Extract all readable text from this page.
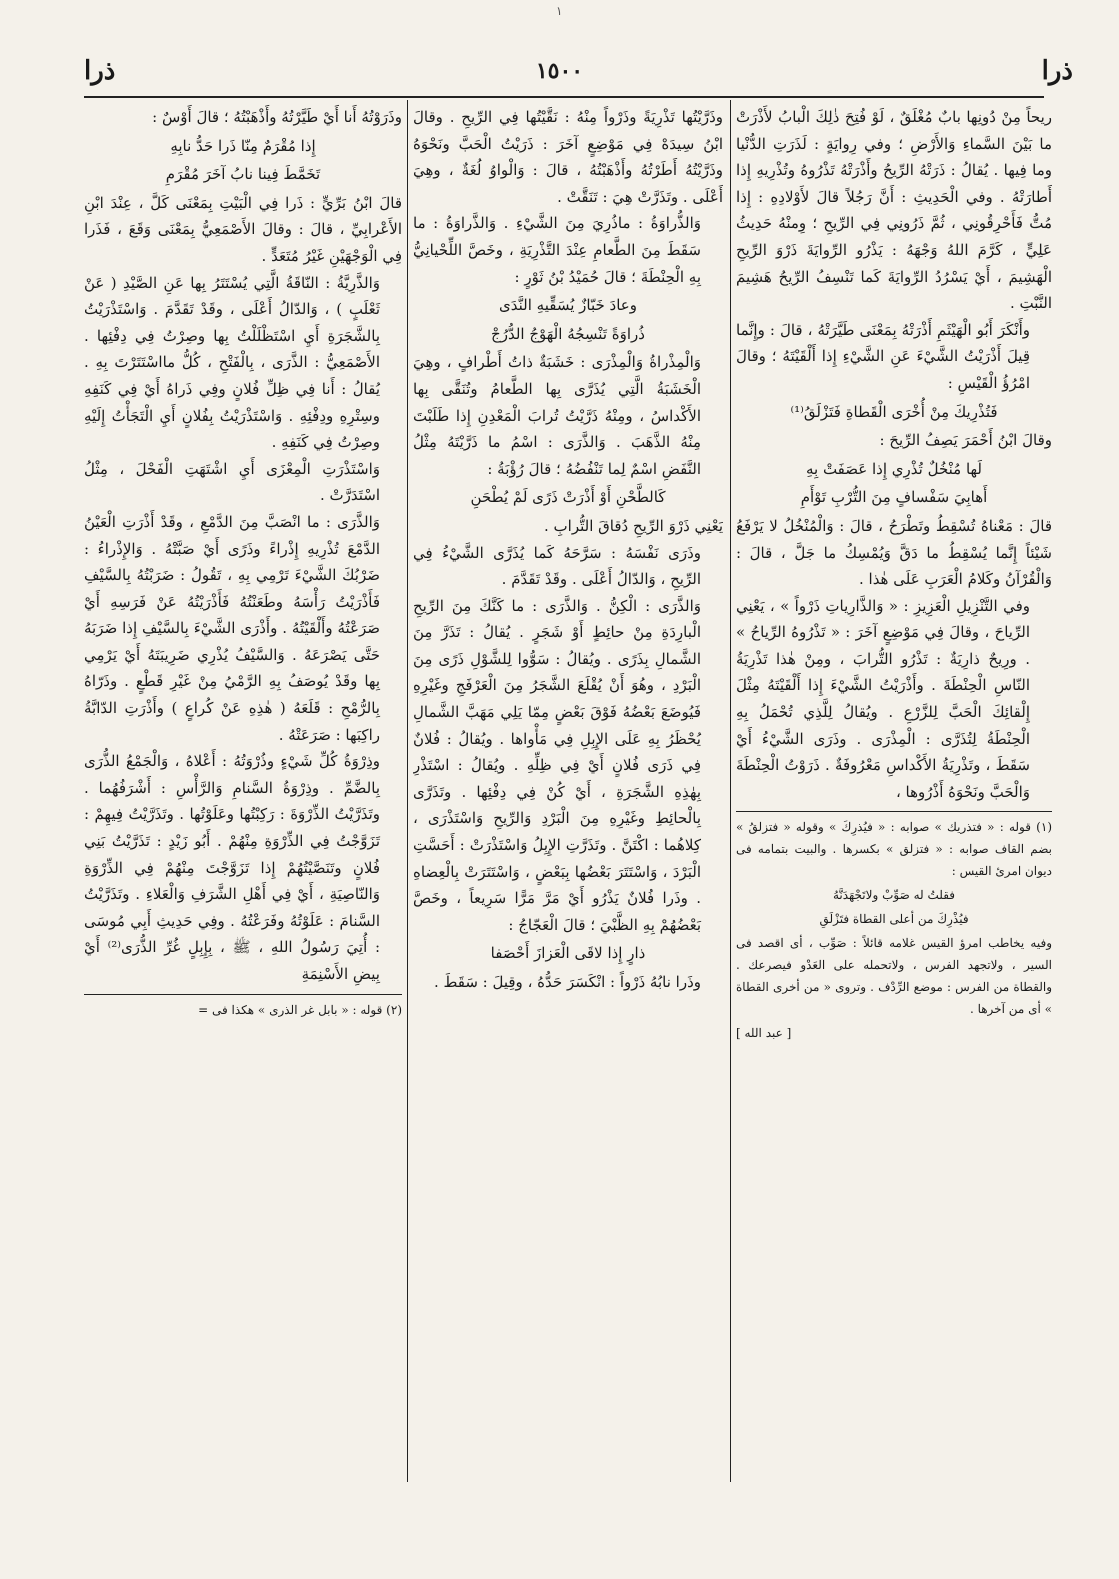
١
ذرا
١٥٠٠
ذرا

ريحاً مِنْ دُونِها بابٌ مُغْلَقٌ ، لَوْ فُتِحَ ذٰلِكَ الْبابُ لأَذْرَتْ ما بَيْنَ السَّماءِ وَالأَرْضِ ؛ وفي رِوايَةٍ : لَذَرَتِ الدُّنْيا وما فِيها . يُقالُ : ذَرَتْهُ الرِّيحُ وأَذْرَتْهُ تَذْرُوهُ وتُذْرِيهِ إِذا أَطارَتْهُ . وفي الْحَدِيثِ : أَنَّ رَجُلاً قالَ لأَوْلادِهِ : إِذا مُتُّ فَأَحْرِقُونِي ، ثُمَّ ذَرُونِي فِي الرِّيحِ ؛ وِمنْهُ حَدِيثُ عَلِيٍّ ، كَرَّمَ اللهُ وَجْهَهُ : يَذْرُو الرِّوايَةَ ذَرْوَ الرِّيحِ الْهَشِيمَ ، أَيْ يَسْرُدُ الرِّوايَةَ كَما تَنْسِفُ الرِّيحُ هَشِيمَ النَّبْتِ .

وأَنْكَرَ أَبُو الْهَيْثَمِ أَذْرَتْهُ بِمَعْنَى طَيَّرَتْهُ ، قالَ : وإِنَّما قِيلَ أَذْرَيْتُ الشَّيْءَ عَنِ الشَّيْءِ إِذا أَلْقَيْتَهُ ؛ وقالَ امْرُؤُ الْقَيْسِ :

فَتُذْرِيكَ مِنْ أُخْرَى الْقَطاةِ فَتَزْلَقُ⁽¹⁾

وقالَ ابْنُ أَحْمَرَ يَصِفُ الرِّيحَ :

لَها مُنْخُلٌ تُذْرِي إِذا عَصَفَتْ بِهِ

أَهابِيَ سَفْسافٍ مِنَ التُّرْبِ تَوْأَمِ

قالَ : مَعْناهُ تُسْقِطُ وتَطْرَحُ ، قالَ : وَالْمُنْخُلُ لا يَرْفَعُ شَيْئاً إِنَّما يُسْقِطُ ما دَقَّ وَيُمْسِكُ ما جَلَّ ، قالَ : وَالْقُرْآنُ وكَلامُ الْعَرَبِ عَلَى هٰذا .

وفي التَّنْزِيلِ الْعَزِيزِ : « وَالذَّارِياتِ ذَرْواً » ، يَعْنِي الرِّياحَ ، وقالَ فِي مَوْضِعٍ آخَرَ : « تَذْرُوهُ الرِّياحُ » . ورِيحٌ ذارِيَةٌ : تَذْرُو التُّرابَ ، ومِنْ هٰذا تَذْرِيَةُ النّاسِ الْحِنْطَةَ . وأَذْرَيْتُ الشَّيْءَ إِذا أَلْقَيْتَهُ مِثْلَ إِلْقائِكَ الْحَبَّ لِلزَّرْعِ . ويُقالُ لِلَّذِي تُحْمَلُ بِهِ الْحِنْطَةُ لِتُذَرَّى : الْمِذْرَى . وذَرَى الشَّيْءُ أَيْ سَقَطَ ، وتَذْرِيَةُ الأَكْداسِ مَعْرُوفَةٌ . ذَرَوْتُ الْحِنْطَةَ وَالْحَبَّ ونَحْوَهُ أَذْرُوها ،

(١) قوله : « فتذريك » صوابه : « فيُذرِكَ » وقوله « فتزلقُ » بضم القاف صوابه : « فتزلق » بكسرها . والبيت بتمامه فى ديوان امرئ القيس :

فقلتُ له صَوِّبْ ولاتَجْهَدَنَّهُ

فيُذْرِكَ من أعلى القطاة فتَزْلَقِ

وفيه يخاطب امرؤ القيس غلامه قائلاً : صَوِّب ، أى اقصد فى السير ، ولاتجهد الفرس ، ولاتحمله على العَدْو فيصرعك . والقطاة من الفرس : موضع الرِّدْف . وتروى « من أخرى القطاة » أى من آخرها .

[ عبد الله ]

وذَرَّيْتُها تَذْرِيَةً وذَرْواً مِنْهُ : نَقَّيْتُها فِي الرِّيحِ . وقالَ ابْنُ سِيدَهْ فِي مَوْضِعٍ آخَرَ : ذَرَيْتُ الْحَبَّ ونَحْوَهُ وذَرَّيْتُهُ أَطَرْتُهُ وأَذْهَبْتُهُ ، قالَ : وَالْواوُ لُغَةٌ ، وهِيَ أَعْلَى . وتَذَرَّتْ هِيَ : تَنَقَّتْ .

وَالذُّراوَةُ : ماذُرِيَ مِنَ الشَّيْءِ . وَالذَّراوَةُ : ما سَقَطَ مِنَ الطَّعامِ عِنْدَ التَّذْرِيَةِ ، وخَصَّ اللِّحْيانِيُّ بِهِ الْحِنْطَةَ ؛ قالَ حُمَيْدُ بْنُ ثَوْرٍ :

وعادَ خَبّازٌ يُسَقِّيهِ النَّدَى

ذُراوَةً تَنْسِجُهُ الْهَوْجُ الدُّرُجْ

وَالْمِذْراةُ وَالْمِذْرَى : خَشَبَةٌ ذاتُ أَطْرافٍ ، وهِيَ الْخَشَبَةُ الَّتِي يُذَرَّى بِها الطَّعامُ وتُنَقَّى بِها الأَكْداسُ ، ومِنْهُ ذَرَّيْتُ تُرابَ الْمَعْدِنِ إِذا طَلَبْتَ مِنْهُ الذَّهَبَ . وَالذَّرَى : اسْمُ ما ذَرَّيْتَهُ مِثْلُ النَّفَضِ اسْمٌ لِما تَنْفُضُهُ ؛ قالَ رُؤْبَةُ :

كَالطَّحْنِ أَوْ أَذْرَتْ ذَرًى لَمْ يُطْحَنِ

يَعْنِي ذَرْوَ الرِّيحِ دُقاقَ التُّرابِ .

وذَرَى نَفْسَهُ : سَرَّحَهُ كَما يُذَرَّى الشَّيْءُ فِي الرِّيحِ ، وَالدّالُ أَعْلَى . وقَدْ تَقَدَّمَ .

وَالذَّرَى : الْكِنُّ . وَالذَّرَى : ما كَنَّكَ مِنَ الرِّيحِ الْبارِدَةِ مِنْ حائِطٍ أَوْ شَجَرٍ . يُقالُ : تَذَرَّ مِنَ الشَّمالِ بِذَرًى . ويُقالُ : سَوُّوا لِلشَّوْلِ ذَرًى مِنَ الْبَرْدِ ، وهُوَ أَنْ يُقْلَعَ الشَّجَرُ مِنَ الْعَرْفَجِ وغَيْرِهِ فَيُوضَعَ بَعْضُهُ فَوْقَ بَعْضٍ مِمّا يَلِي مَهَبَّ الشَّمالِ يُحْظَرُ بِهِ عَلَى الإِبِلِ فِي مَأْواها . ويُقالُ : فُلانٌ فِي ذَرَى فُلانٍ أَيْ فِي ظِلِّهِ . ويُقالُ : اسْتَذْرِ بِهٰذِهِ الشَّجَرَةِ ، أَيْ كُنْ فِي دِفْئِها . وتَذَرَّى بِالْحائِطِ وغَيْرِهِ مِنَ الْبَرْدِ وَالرِّيحِ وَاسْتَذْرَى ، كِلاهُما : اكْتَنَّ . وتَذَرَّتِ الإِبِلُ وَاسْتَذْرَتْ : أَحَسَّتِ الْبَرْدَ ، وَاسْتَتَرَ بَعْضُها بِبَعْضٍ ، وَاسْتَتَرَتْ بِالْعِضاهِ . وذَرا فُلانٌ يَذْرُو أَيْ مَرَّ مَرًّا سَرِيعاً ، وخَصَّ بَعْضُهُمْ بِهِ الظَّبْيَ ؛ قالَ الْعَجّاجُ :

ذارٍ إِذا لاقَى الْعَزازَ أَحْصَفا

وذَرا نابُهُ ذَرْواً : انْكَسَرَ حَدُّهُ ، وقِيلَ : سَقَطَ .

وذَرَوْتُهُ أَنا أَيْ طَيَّرْتُهُ وأَذْهَبْتُهُ ؛ قالَ أَوْسٌ :

إِذا مُقْرَمٌ مِنّا ذَرا حَدُّ نابِهِ

تَخَمَّطَ فِينا نابُ آخَرَ مُقْرَمِ

قالَ ابْنُ بَرِّيٍّ : ذَرا فِي الْبَيْتِ بِمَعْنَى كَلَّ ، عِنْدَ ابْنِ الأَعْرابِيِّ ، قالَ : وقالَ الأَصْمَعِيُّ بِمَعْنَى وَقَعَ ، فَذَرا فِي الْوَجْهَيْنِ غَيْرُ مُتَعَدٍّ .

وَالذَّرِيَّةُ : النّاقَةُ الَّتِي يُسْتَتَرُ بِها عَنِ الصَّيْدِ ( عَنْ ثَعْلَبٍ ) ، وَالدّالُ أَعْلَى ، وقَدْ تَقَدَّمَ . وَاسْتَذْرَيْتُ بِالشَّجَرَةِ أَيِ اسْتَظْلَلْتُ بِها وصِرْتُ فِي دِفْئِها . الأَصْمَعِيُّ : الذَّرَى ، بِالْفَتْحِ ، كُلُّ مااسْتَتَرْتَ بِهِ . يُقالُ : أَنا فِي ظِلِّ فُلانٍ وفِي ذَراهُ أَيْ فِي كَنَفِهِ وسِتْرِهِ ودِفْئِهِ . وَاسْتَذْرَيْتُ بِفُلانٍ أَيِ الْتَجَأْتُ إِلَيْهِ وصِرْتُ فِي كَنَفِهِ .

وَاسْتَذْرَتِ الْمِعْزَى أَيِ اشْتَهَتِ الْفَحْلَ ، مِثْلُ اسْتَدَرَّتْ .

وَالذَّرَى : ما انْصَبَّ مِنَ الدَّمْعِ ، وقَدْ أَذْرَتِ الْعَيْنُ الدَّمْعَ تُذْرِيهِ إِذْراءً وذَرًى أَيْ صَبَّتْهُ . وَالإِذْراءُ : ضَرْبُكَ الشَّيْءَ تَرْمِي بِهِ ، تَقُولُ : ضَرَبْتُهُ بِالسَّيْفِ فَأَذْرَيْتُ رَأْسَهُ وطَعَنْتُهُ فَأَذْرَيْتُهُ عَنْ فَرَسِهِ أَيْ صَرَعْتُهُ وأَلْقَيْتُهُ . وأَذْرَى الشَّيْءَ بِالسَّيْفِ إِذا ضَرَبَهُ حَتَّى يَصْرَعَهُ . وَالسَّيْفُ يُذْرِي ضَرِيبَتَهُ أَيْ يَرْمِي بِها وقَدْ يُوصَفُ بِهِ الرَّمْيُ مِنْ غَيْرِ قَطْعٍ . وذَرّاهُ بِالرُّمْحِ : قَلَعَهُ ( هٰذِهِ عَنْ كُراعٍ ) وأَذْرَتِ الدّابَّةُ راكِبَها : صَرَعَتْهُ .

وذِرْوَةُ كُلِّ شَيْءٍ وذُرْوَتُهُ : أَعْلاهُ ، وَالْجَمْعُ الذُّرَى بِالضَّمِّ . وذِرْوَةُ السَّنامِ وَالرَّأْسِ : أَشْرَفُهُما . وتَذَرَّيْتُ الذِّرْوَةَ : رَكِبْتُها وعَلَوْتُها . وتَذَرَّيْتُ فِيهِمْ : تَزَوَّجْتُ فِي الذِّرْوَةِ مِنْهُمْ . أَبُو زَيْدٍ : تَذَرَّيْتُ بَنِي فُلانٍ وتَنَصَّيْتُهُمْ إِذا تَزَوَّجْتَ مِنْهُمْ فِي الذِّرْوَةِ وَالنّاصِيَةِ ، أَيْ فِي أَهْلِ الشَّرَفِ وَالْعَلاءِ . وتَذَرَّيْتُ السَّنامَ : عَلَوْتُهُ وفَرَعْتُهُ . وفِي حَدِيثِ أَبِي مُوسَى : أُتِيَ رَسُولُ اللهِ ، ﷺ ، بِإِبِلٍ غُرِّ الذُّرَى⁽²⁾ أَيْ بِيضِ الأَسْنِمَةِ

(٢) قوله : « بابل غر الذرى » هكذا فى =
